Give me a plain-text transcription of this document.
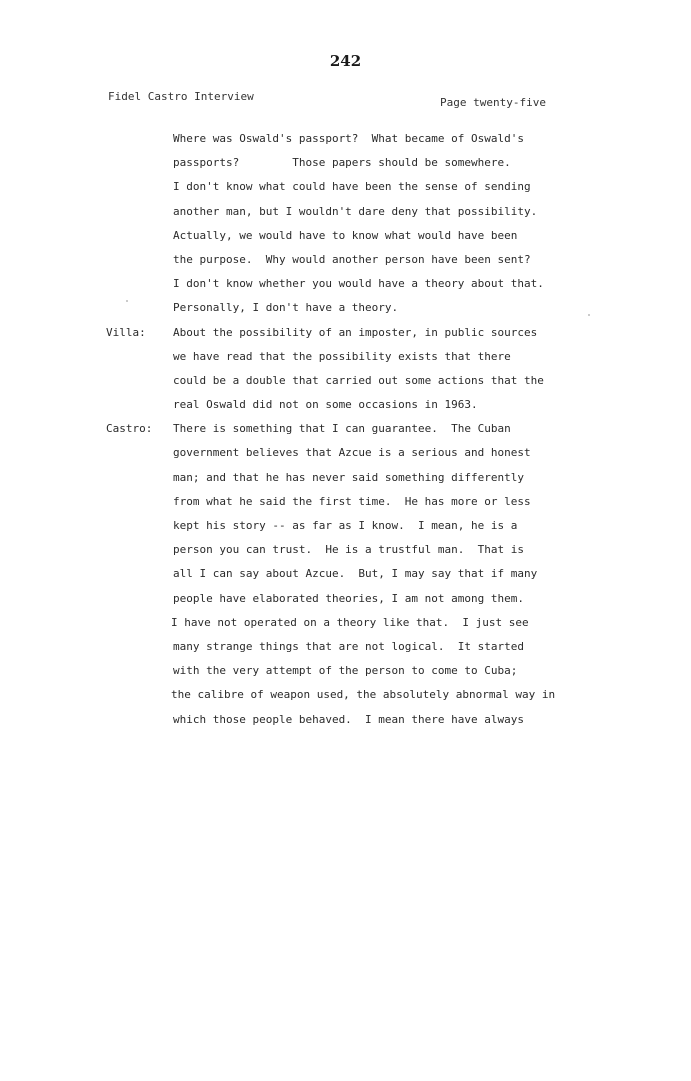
242
Fidel Castro Interview	Page twenty-five

Where was Oswald's passport?  What became of Oswald's

passports?        Those papers should be somewhere.

I don't know what could have been the sense of sending

another man, but I wouldn't dare deny that possibility.

Actually, we would have to know what would have been

the purpose.  Why would another person have been sent?

I don't know whether you would have a theory about that.

Personally, I don't have a theory.

Villa:

About the possibility of an imposter, in public sources

we have read that the possibility exists that there

could be a double that carried out some actions that the

real Oswald did not on some occasions in 1963.

Castro:

There is something that I can guarantee.  The Cuban

government believes that Azcue is a serious and honest

man; and that he has never said something differently

from what he said the first time.  He has more or less

kept his story -- as far as I know.  I mean, he is a

person you can trust.  He is a trustful man.  That is

all I can say about Azcue.  But, I may say that if many

people have elaborated theories, I am not among them.

I have not operated on a theory like that.  I just see

many strange things that are not logical.  It started

with the very attempt of the person to come to Cuba;

the calibre of weapon used, the absolutely abnormal way in

which those people behaved.  I mean there have always
